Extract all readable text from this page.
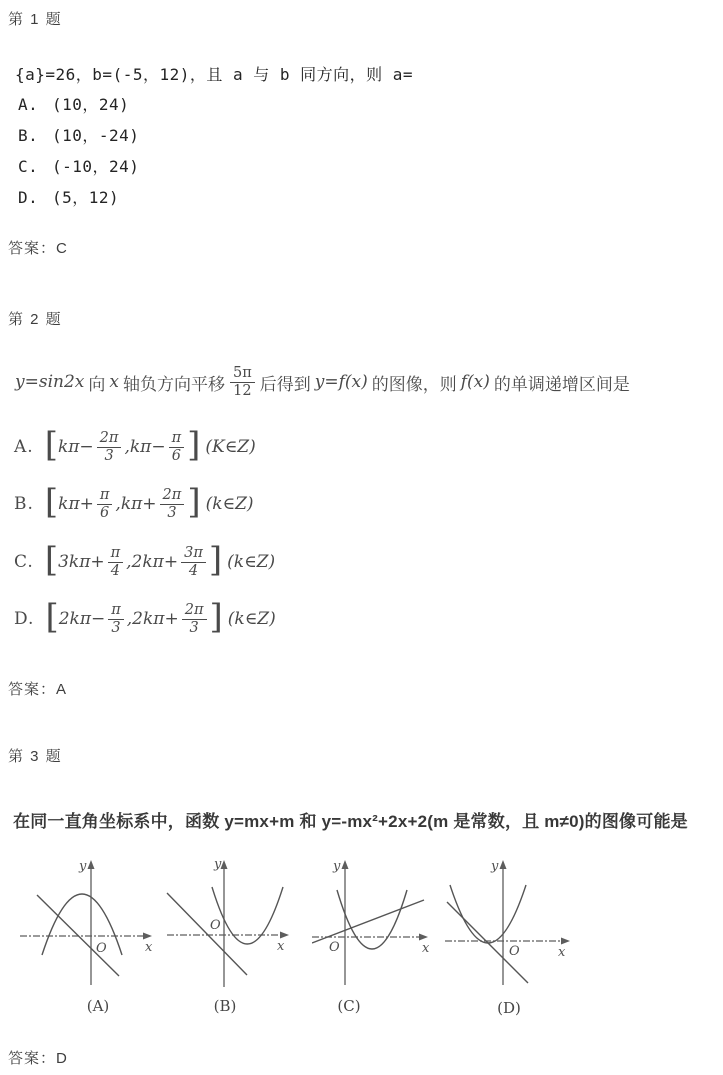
第 1 题
{a}=26，b=(-5，12)，且 a 与 b 同方向，则 a=
A. (10，24)
B. (10，-24)
C. (-10，24)
D. (5，12)
答案：C
第 2 题
y=sin2x 向 x 轴负方向平移 $\frac{5\pi}{12}$ 后得到 y=f(x) 的图像，则 f(x) 的单调递增区间是
A. [ $k\pi- \frac{2\pi}{3} ,k\pi- \frac{\pi}{6}$ ] (K∈Z)
B. [ $k\pi+ \frac{\pi}{6} ,k\pi+ \frac{2\pi}{3}$ ] (k∈Z)
C. [ $3k\pi+ \frac{\pi}{4} ,2k\pi+ \frac{3\pi}{4}$ ] (k∈Z)
D. [ $2k\pi- \frac{\pi}{3} ,2k\pi+ \frac{2\pi}{3}$ ] (k∈Z)
答案：A
第 3 题
在同一直角坐标系中，函数 y=mx+m 和 y=-mx²+2x+2(m 是常数，且 m≠0)的图像可能是
y
x
O
(A)
y
x
O
(B)
y
x
O
(C)
y
x
O
(D)
答案：D
